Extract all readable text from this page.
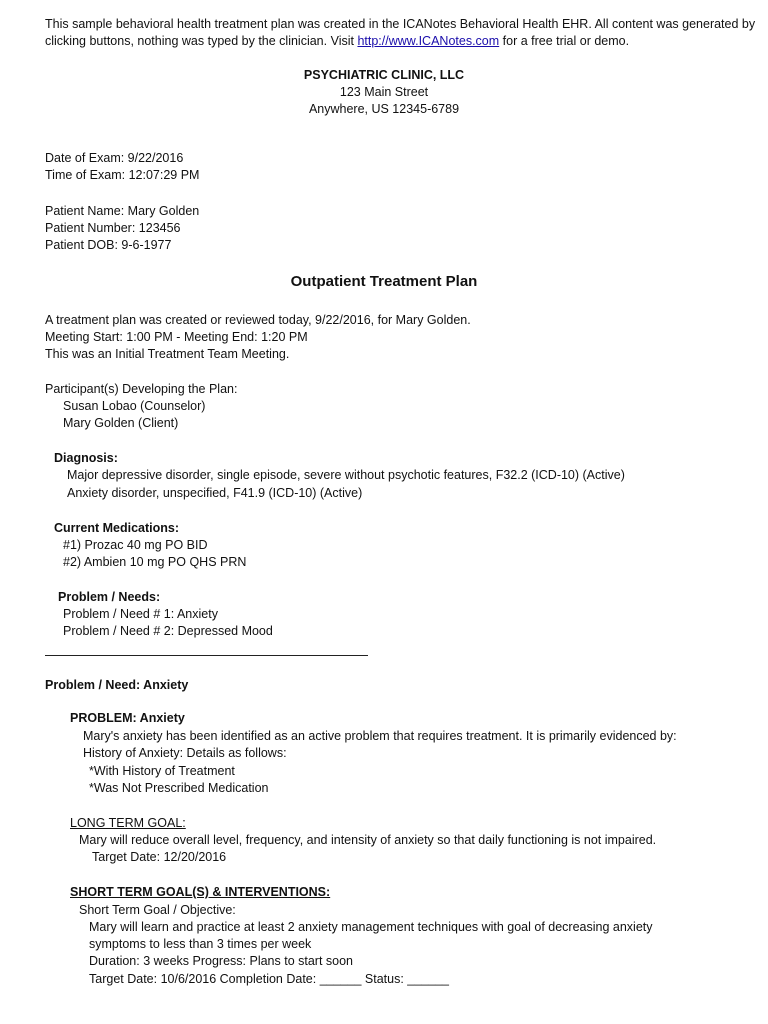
This sample behavioral health treatment plan was created in the ICANotes Behavioral Health EHR. All content was generated by
clicking buttons, nothing was typed by the clinician. Visit http://www.ICANotes.com for a free trial or demo.
PSYCHIATRIC CLINIC, LLC
123 Main Street
Anywhere, US 12345-6789
Date of Exam: 9/22/2016
Time of Exam: 12:07:29 PM
Patient Name: Mary Golden
Patient Number: 123456
Patient DOB: 9-6-1977
Outpatient Treatment Plan
A treatment plan was created or reviewed today, 9/22/2016, for Mary Golden.
Meeting Start: 1:00 PM - Meeting End: 1:20 PM
This was an Initial Treatment Team Meeting.
Participant(s) Developing the Plan:
Susan Lobao (Counselor)
Mary Golden (Client)
Diagnosis:
Major depressive disorder, single episode, severe without psychotic features, F32.2 (ICD-10) (Active)
Anxiety disorder, unspecified, F41.9 (ICD-10) (Active)
Current Medications:
#1) Prozac 40 mg PO BID
#2) Ambien 10 mg PO QHS PRN
Problem / Needs:
Problem / Need # 1: Anxiety
Problem / Need # 2: Depressed Mood
Problem / Need: Anxiety
PROBLEM: Anxiety
Mary's anxiety has been identified as an active problem that requires treatment. It is primarily evidenced by:
History of Anxiety: Details as follows:
*With History of Treatment
*Was Not Prescribed Medication
LONG TERM GOAL:
Mary will reduce overall level, frequency, and intensity of anxiety so that daily functioning is not impaired.
Target Date: 12/20/2016
SHORT TERM GOAL(S) & INTERVENTIONS:
Short Term Goal / Objective:
Mary will learn and practice at least 2 anxiety management techniques with goal of decreasing anxiety
symptoms to less than 3 times per week
Duration: 3 weeks Progress: Plans to start soon
Target Date: 10/6/2016 Completion Date: ______ Status: ______
